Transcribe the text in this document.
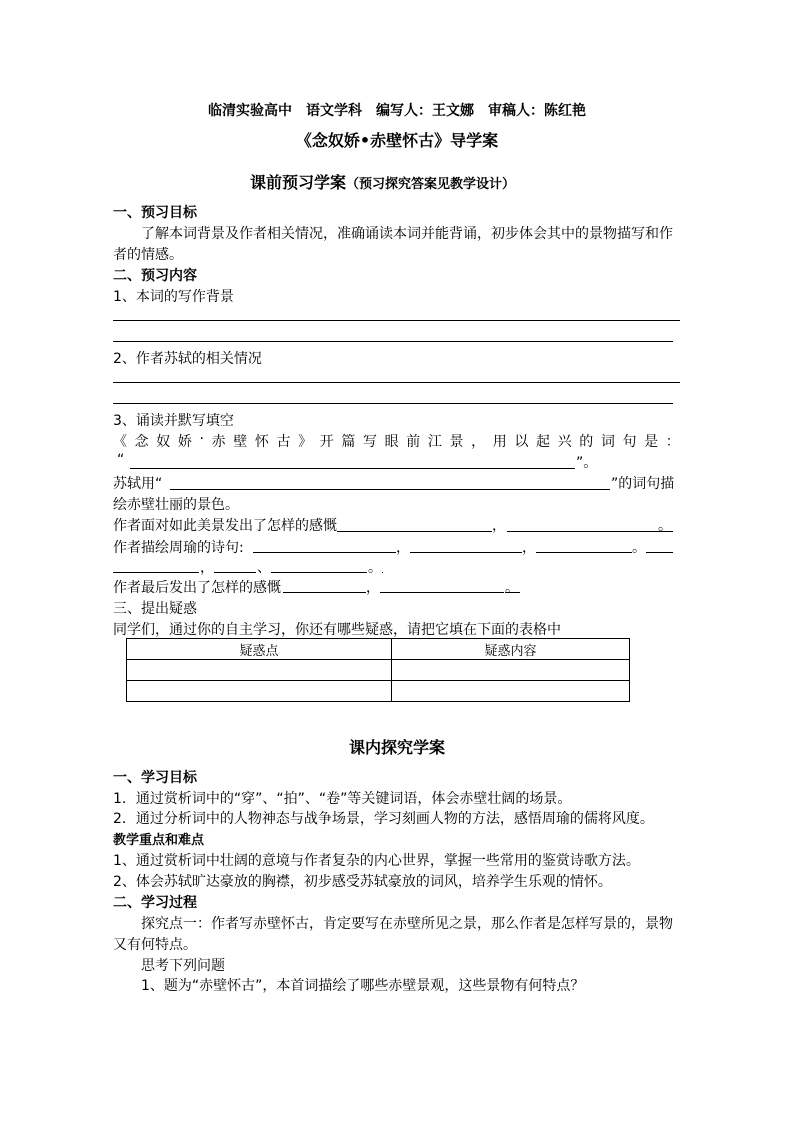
临清实验高中　语文学科　编写人：王文娜　审稿人：陈红艳
《念奴娇•赤壁怀古》导学案
课前预习学案（预习探究答案见教学设计）
一、预习目标
了解本词背景及作者相关情况，准确诵读本词并能背诵，初步体会其中的景物描写和作
者的情感。
二、预习内容
1、本词的写作背景
2、作者苏轼的相关情况
3、诵读并默写填空
《 念 奴 娇 · 赤 壁 怀 古 》 开 篇 写 眼 前 江 景 ， 用 以 起 兴 的 词 句 是 ：
“	”。
苏轼用“	”的词句描
绘赤壁壮丽的景色。
作者面对如此美景发出了怎样的感慨	，	。
作者描绘周瑜的诗句:	，	，	。
，	、	。
作者最后发出了怎样的感慨	，	。
三、提出疑惑
同学们，通过你的自主学习，你还有哪些疑惑，请把它填在下面的表格中
疑惑点	疑惑内容

课内探究学案
一、学习目标
1．通过赏析词中的“穿”、“拍”、“卷”等关键词语，体会赤壁壮阔的场景。
2．通过分析词中的人物神态与战争场景，学习刻画人物的方法，感悟周瑜的儒将风度。
教学重点和难点
1、通过赏析词中壮阔的意境与作者复杂的内心世界，掌握一些常用的鉴赏诗歌方法。
2、体会苏轼旷达豪放的胸襟，初步感受苏轼豪放的词风，培养学生乐观的情怀。
二、学习过程
探究点一：作者写赤壁怀古，肯定要写在赤壁所见之景，那么作者是怎样写景的，景物
又有何特点。
思考下列问题
1、题为“赤壁怀古”，本首词描绘了哪些赤壁景观，这些景物有何特点？
